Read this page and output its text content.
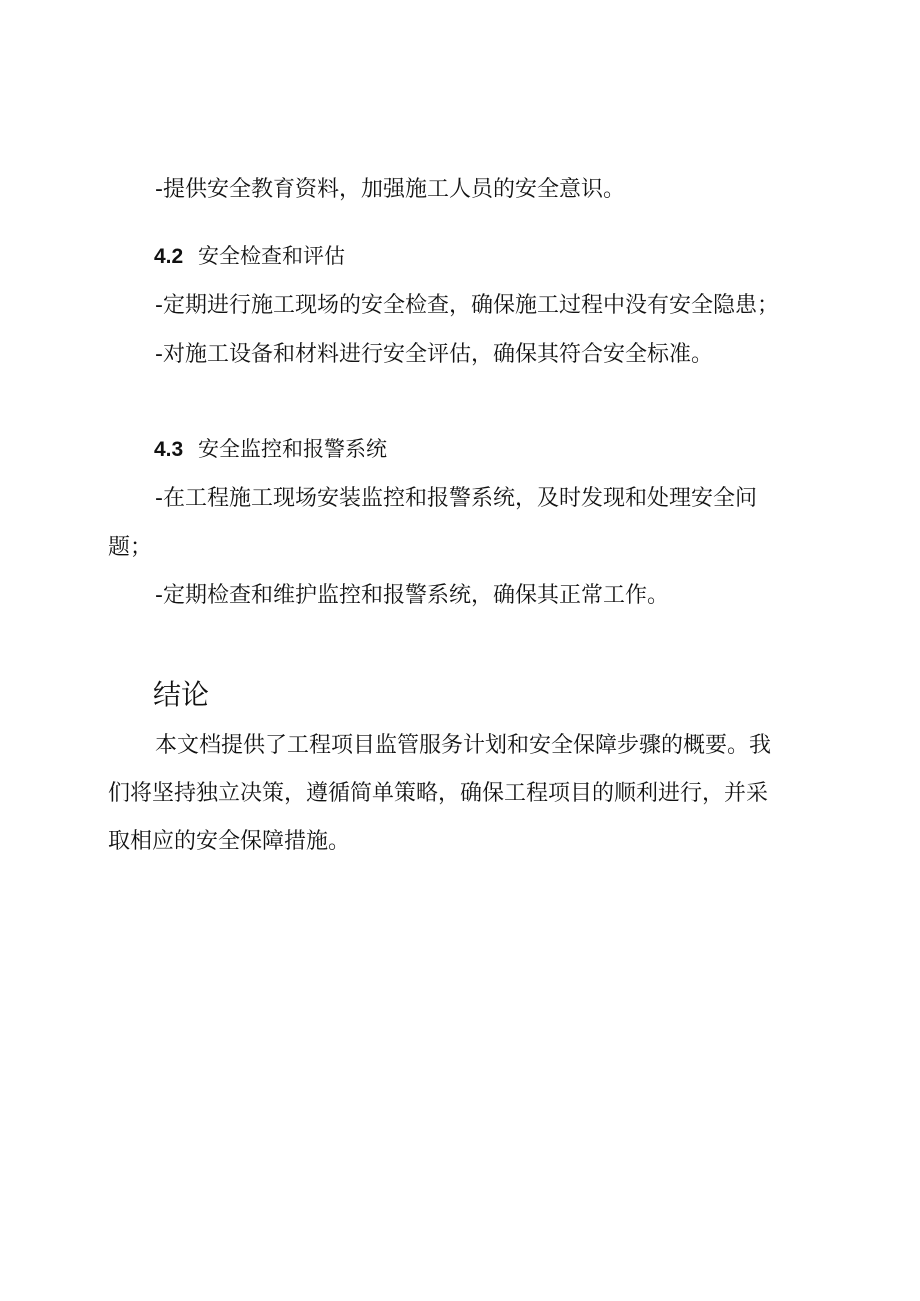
-提供安全教育资料，加强施工人员的安全意识。
4.2 安全检查和评估
-定期进行施工现场的安全检查，确保施工过程中没有安全隐患；
-对施工设备和材料进行安全评估，确保其符合安全标准。
4.3 安全监控和报警系统
-在工程施工现场安装监控和报警系统，及时发现和处理安全问
题；
-定期检查和维护监控和报警系统，确保其正常工作。
结论
本文档提供了工程项目监管服务计划和安全保障步骤的概要。我
们将坚持独立决策，遵循简单策略，确保工程项目的顺利进行，并采
取相应的安全保障措施。
